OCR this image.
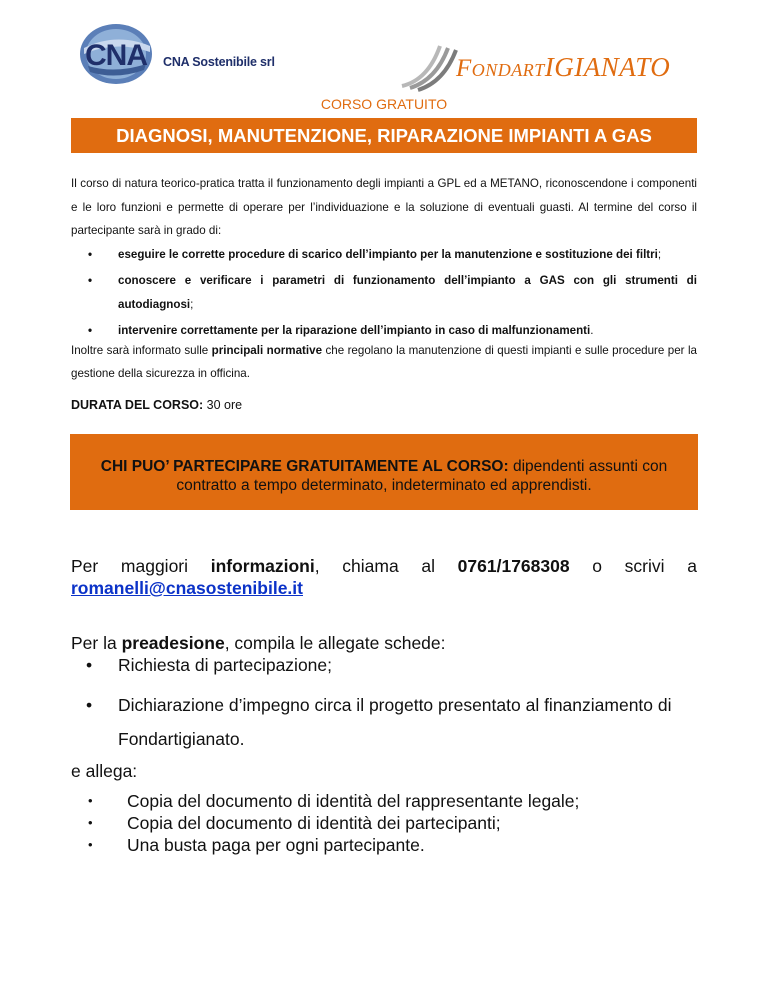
CNA CNA Sostenibile srl	FondartIGIANATO
CORSO GRATUITO
DIAGNOSI, MANUTENZIONE, RIPARAZIONE IMPIANTI A GAS

Il corso di natura teorico-pratica tratta il funzionamento degli impianti a GPL ed a METANO, riconoscendone i componenti e le loro funzioni e permette di operare per l’individuazione e la soluzione di eventuali guasti. Al termine del corso il partecipante sarà in grado di:

• eseguire le corrette procedure di scarico dell’impianto per la manutenzione e sostituzione dei filtri;
• conoscere e verificare i parametri di funzionamento dell’impianto a GAS con gli strumenti di autodiagnosi;
• intervenire correttamente per la riparazione dell’impianto in caso di malfunzionamenti.

Inoltre sarà informato sulle principali normative che regolano la manutenzione di questi impianti e sulle procedure per la gestione della sicurezza in officina.

DURATA DEL CORSO: 30 ore
CHI PUO’ PARTECIPARE GRATUITAMENTE AL CORSO: dipendenti assunti con contratto a tempo determinato, indeterminato ed apprendisti.
Per maggiori informazioni, chiama al 0761/1768308 o scrivi a
romanelli@cnasostenibile.it

Per la preadesione, compila le allegate schede:

• Richiesta di partecipazione;
• Dichiarazione d’impegno circa il progetto presentato al finanziamento di Fondartigianato.

e allega:

• Copia del documento di identità del rappresentante legale;
• Copia del documento di identità dei partecipanti;
• Una busta paga per ogni partecipante.
